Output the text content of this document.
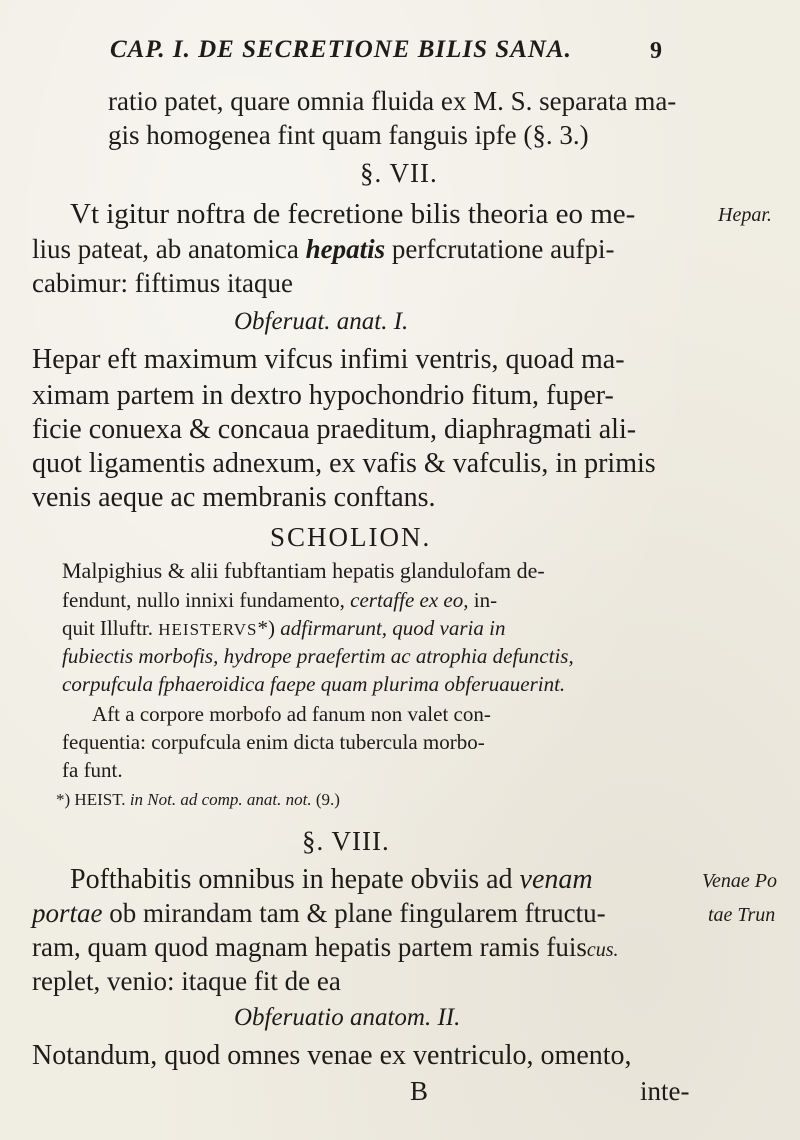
CAP. I. DE SECRETIONE BILIS SANA.	9
ratio patet, quare omnia fluida ex M. S. separata ma-
gis homogenea fint quam fanguis ipfe (§. 3.)
§. VII.
Vt igitur noftra de fecretione bilis theoria eo me-	Hepar.
lius pateat, ab anatomica hepatis perfcrutatione aufpi-
cabimur: fiftimus itaque
Obferuat. anat. I.
Hepar eft maximum vifcus infimi ventris, quoad ma-
ximam partem in dextro hypochondrio fitum, fuper-
ficie conuexa & concaua praeditum, diaphragmati ali-
quot ligamentis adnexum, ex vafis & vafculis, in primis
venis aeque ac membranis conftans.
SCHOLION.
Malpighius & alii fubftantiam hepatis glandulofam de-
fendunt, nullo innixi fundamento, certaffe ex eo, in-
quit Illuftr. HEISTERVS*) adfirmarunt, quod varia in
fubiectis morbofis, hydrope praefertim ac atrophia defunctis,
corpufcula fphaeroidica faepe quam plurima obferuauerint.
Aft a corpore morbofo ad fanum non valet con-
fequentia: corpufcula enim dicta tubercula morbo-
fa funt.
*) HEIST. in Not. ad comp. anat. not. (9.)
§. VIII.
Pofthabitis omnibus in hepate obviis ad venam	Venae Po
portae ob mirandam tam & plane fingularem ftructu-	tae Trun
ram, quam quod magnam hepatis partem ramis fuiscus.
replet, venio: itaque fit de ea
Obferuatio anatom. II.
Notandum, quod omnes venae ex ventriculo, omento,
B	inte-
